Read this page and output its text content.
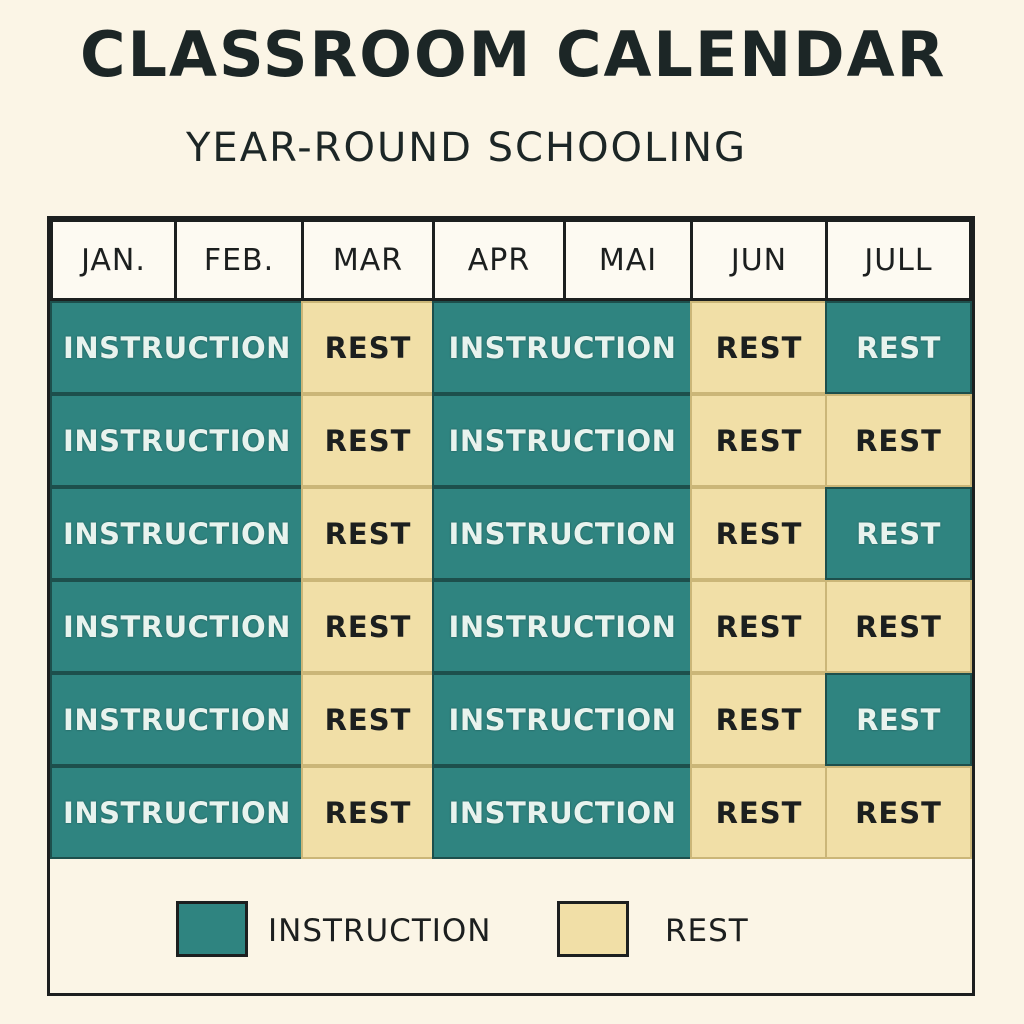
CLASSROOM CALENDAR
YEAR-ROUND SCHOOLING
JAN.	FEB.	MAR	APR	MAI	JUN	JULL
INSTRUCTION	REST	INSTRUCTION	REST	REST
INSTRUCTION	REST	INSTRUCTION	REST	REST
INSTRUCTION	REST	INSTRUCTION	REST	REST
INSTRUCTION	REST	INSTRUCTION	REST	REST
INSTRUCTION	REST	INSTRUCTION	REST	REST
INSTRUCTION	REST	INSTRUCTION	REST	REST
INSTRUCTION	REST
